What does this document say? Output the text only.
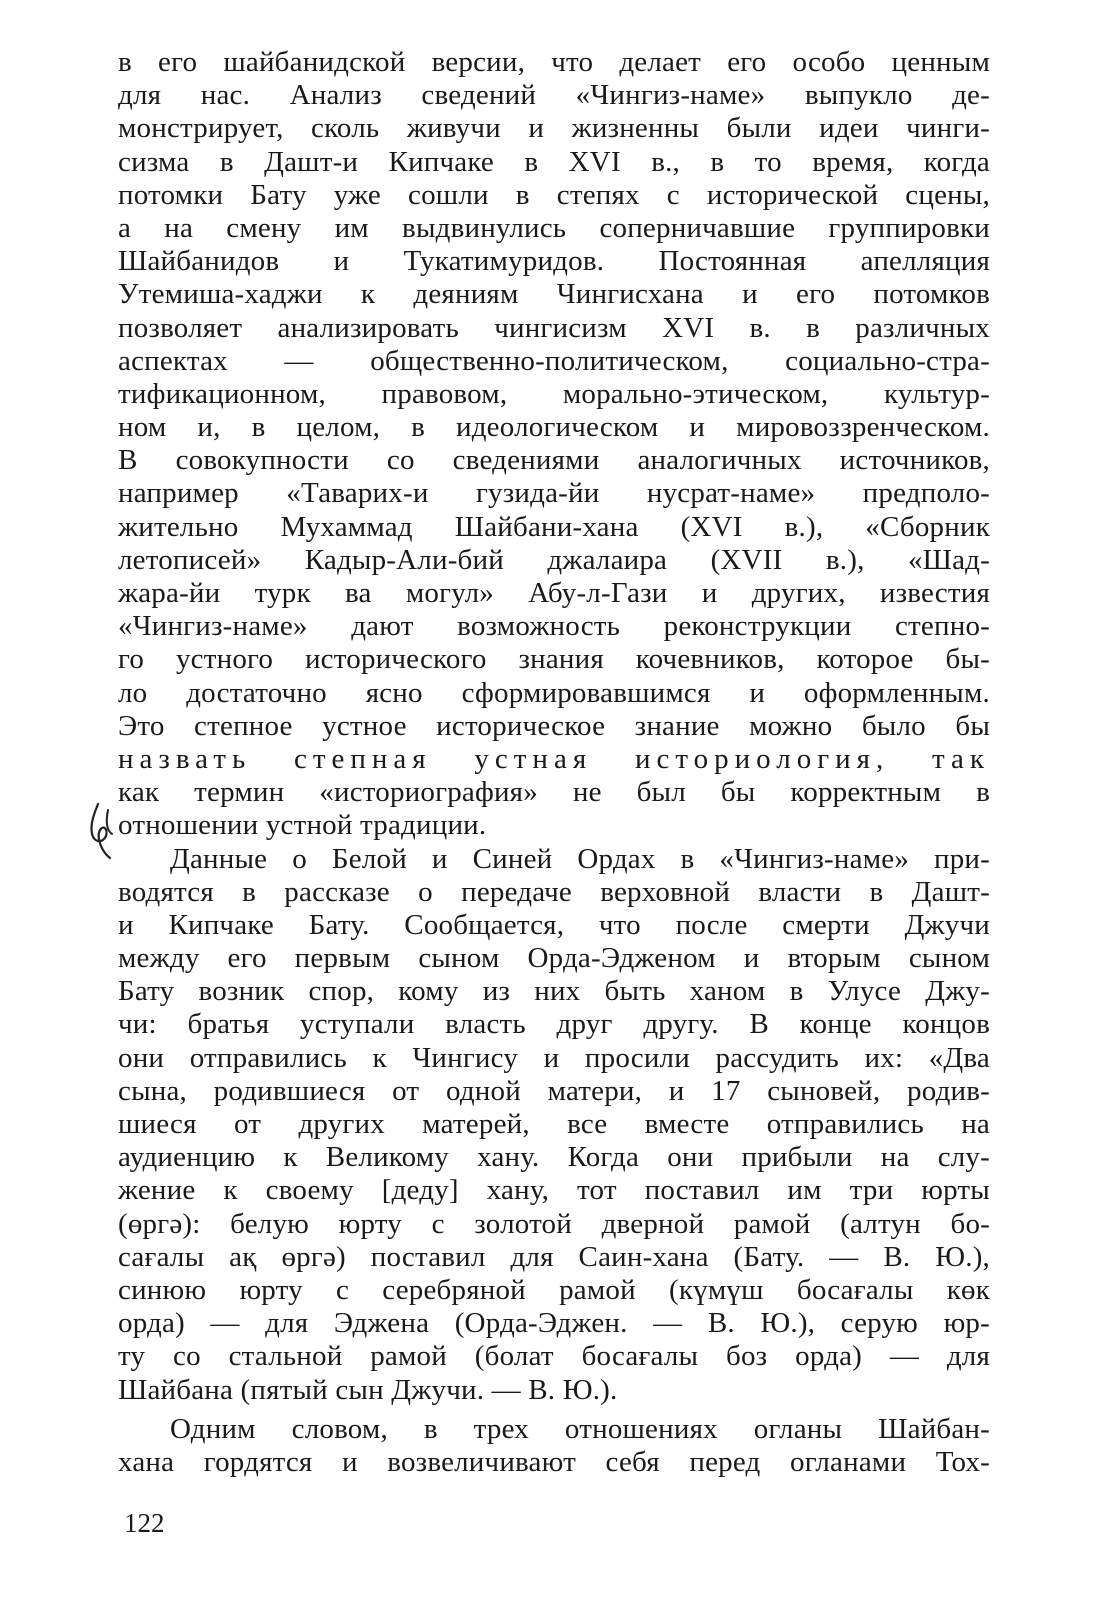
в его шайбанидской версии, что делает его особо ценным
для нас. Анализ сведений «Чингиз-наме» выпукло де-
монстрирует, сколь живучи и жизненны были идеи чинги-
сизма в Дашт-и Кипчаке в XVI в., в то время, когда
потомки Бату уже сошли в степях с исторической сцены,
а на смену им выдвинулись соперничавшие группировки
Шайбанидов и Тукатимуридов. Постоянная апелляция
Утемиша-хаджи к деяниям Чингисхана и его потомков
позволяет анализировать чингисизм XVI в. в различных
аспектах — общественно-политическом, социально-стра-
тификационном, правовом, морально-этическом, культур-
ном и, в целом, в идеологическом и мировоззренческом.
В совокупности со сведениями аналогичных источников,
например «Таварих-и гузида-йи нусрат-наме» предполо-
жительно Мухаммад Шайбани-хана (XVI в.), «Сборник
летописей» Кадыр-Али-бий джалаира (XVII в.), «Шад-
жара-йи турк ва могул» Абу-л-Гази и других, известия
«Чингиз-наме» дают возможность реконструкции степно-
го устного исторического знания кочевников, которое бы-
ло достаточно ясно сформировавшимся и оформленным.
Это степное устное историческое знание можно было бы
назвать степная устная историология, так
как термин «историография» не был бы корректным в
отношении устной традиции.
Данные о Белой и Синей Ордах в «Чингиз-наме» при-
водятся в рассказе о передаче верховной власти в Дашт-
и Кипчаке Бату. Сообщается, что после смерти Джучи
между его первым сыном Орда-Эдженом и вторым сыном
Бату возник спор, кому из них быть ханом в Улусе Джу-
чи: братья уступали власть друг другу. В конце концов
они отправились к Чингису и просили рассудить их: «Два
сына, родившиеся от одной матери, и 17 сыновей, родив-
шиеся от других матерей, все вместе отправились на
аудиенцию к Великому хану. Когда они прибыли на слу-
жение к своему [деду] хану, тот поставил им три юрты
(өргә): белую юрту с золотой дверной рамой (алтун бо-
сағалы ақ өргә) поставил для Саин-хана (Бату. — В. Ю.),
синюю юрту с серебряной рамой (күмүш босағалы көк
орда) — для Эджена (Орда-Эджен. — В. Ю.), серую юр-
ту со стальной рамой (болат босағалы боз орда) — для
Шайбана (пятый сын Джучи. — В. Ю.).
Одним словом, в трех отношениях огланы Шайбан-
хана гордятся и возвеличивают себя перед огланами Тох-
122
